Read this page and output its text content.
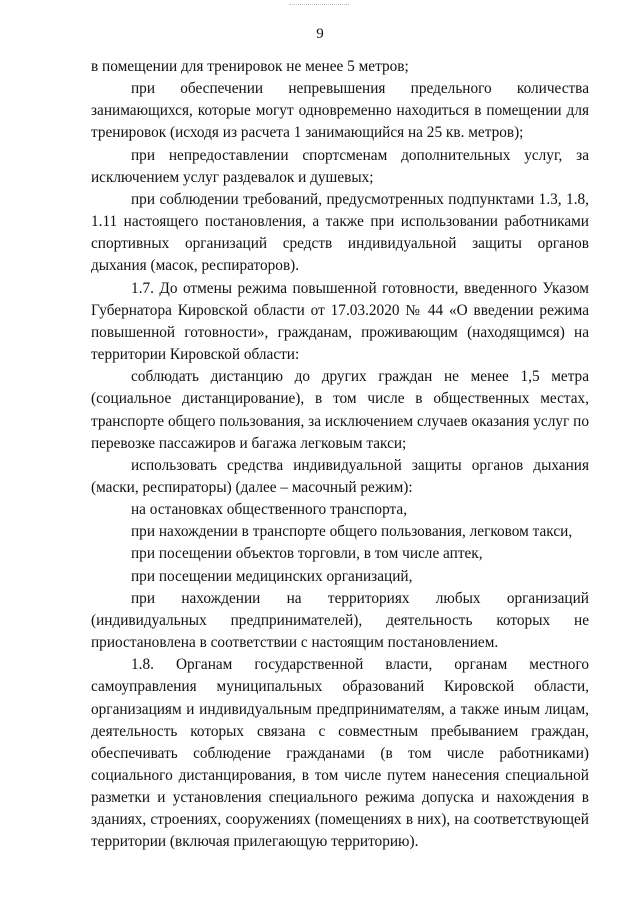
9

в помещении для тренировок не менее 5 метров;

при обеспечении непревышения предельного количества занимающихся, которые могут одновременно находиться в помещении для тренировок (исходя из расчета 1 занимающийся на 25 кв. метров);

при непредоставлении спортсменам дополнительных услуг, за исключением услуг раздевалок и душевых;

при соблюдении требований, предусмотренных подпунктами 1.3, 1.8, 1.11 настоящего постановления, а также при использовании работниками спортивных организаций средств индивидуальной защиты органов дыхания (масок, респираторов).

1.7. До отмены режима повышенной готовности, введенного Указом Губернатора Кировской области от 17.03.2020 № 44 «О введении режима повышенной готовности», гражданам, проживающим (находящимся) на территории Кировской области:

соблюдать дистанцию до других граждан не менее 1,5 метра (социальное дистанцирование), в том числе в общественных местах, транспорте общего пользования, за исключением случаев оказания услуг по перевозке пассажиров и багажа легковым такси;

использовать средства индивидуальной защиты органов дыхания (маски, респираторы) (далее – масочный режим):

на остановках общественного транспорта,

при нахождении в транспорте общего пользования, легковом такси,

при посещении объектов торговли, в том числе аптек,

при посещении медицинских организаций,

при нахождении на территориях любых организаций (индивидуальных предпринимателей), деятельность которых не приостановлена в соответствии с настоящим постановлением.

1.8. Органам государственной власти, органам местного самоуправления муниципальных образований Кировской области, организациям и индивидуальным предпринимателям, а также иным лицам, деятельность которых связана с совместным пребыванием граждан, обеспечивать соблюдение гражданами (в том числе работниками) социального дистанцирования, в том числе путем нанесения специальной разметки и установления специального режима допуска и нахождения в зданиях, строениях, сооружениях (помещениях в них), на соответствующей территории (включая прилегающую территорию).
